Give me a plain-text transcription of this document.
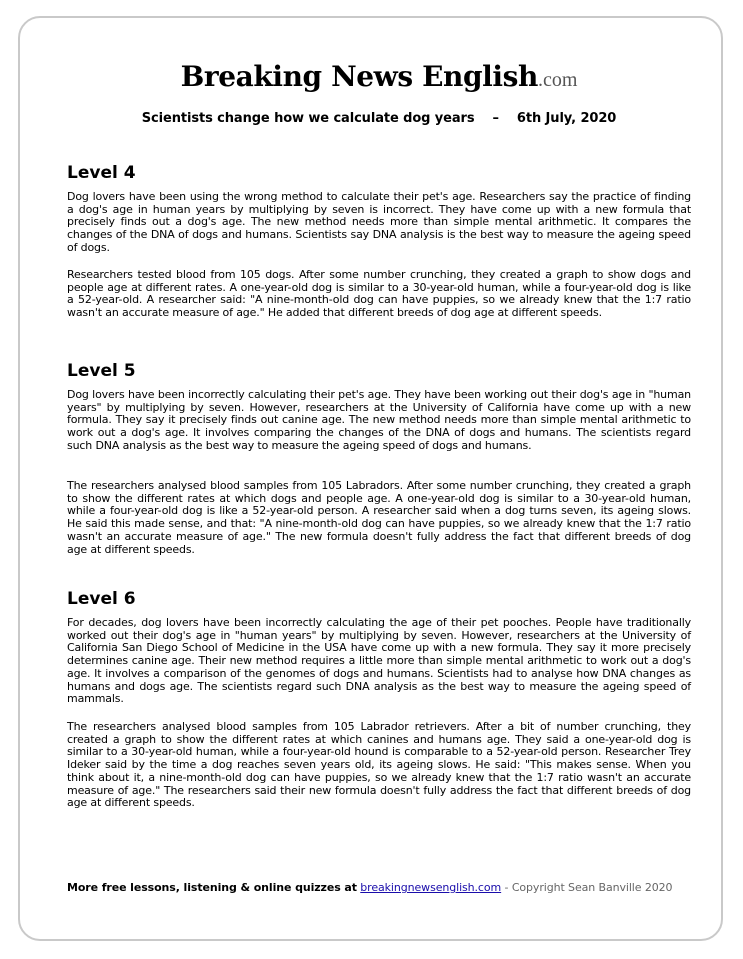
Breaking News English.com
Scientists change how we calculate dog years – 6th July, 2020
Level 4

Dog lovers have been using the wrong method to calculate their pet's age. Researchers say the practice of finding a dog's age in human years by multiplying by seven is incorrect. They have come up with a new formula that precisely finds out a dog's age. The new method needs more than simple mental arithmetic. It compares the changes of the DNA of dogs and humans. Scientists say DNA analysis is the best way to measure the ageing speed of dogs.

Researchers tested blood from 105 dogs. After some number crunching, they created a graph to show dogs and people age at different rates. A one-year-old dog is similar to a 30-year-old human, while a four-year-old dog is like a 52-year-old. A researcher said: "A nine-month-old dog can have puppies, so we already knew that the 1:7 ratio wasn't an accurate measure of age." He added that different breeds of dog age at different speeds.

Level 5

Dog lovers have been incorrectly calculating their pet's age. They have been working out their dog's age in "human years" by multiplying by seven. However, researchers at the University of California have come up with a new formula. They say it precisely finds out canine age. The new method needs more than simple mental arithmetic to work out a dog's age. It involves comparing the changes of the DNA of dogs and humans. The scientists regard such DNA analysis as the best way to measure the ageing speed of dogs and humans.

The researchers analysed blood samples from 105 Labradors. After some number crunching, they created a graph to show the different rates at which dogs and people age. A one-year-old dog is similar to a 30-year-old human, while a four-year-old dog is like a 52-year-old person. A researcher said when a dog turns seven, its ageing slows. He said this made sense, and that: "A nine-month-old dog can have puppies, so we already knew that the 1:7 ratio wasn't an accurate measure of age." The new formula doesn't fully address the fact that different breeds of dog age at different speeds.

Level 6

For decades, dog lovers have been incorrectly calculating the age of their pet pooches. People have traditionally worked out their dog's age in "human years" by multiplying by seven. However, researchers at the University of California San Diego School of Medicine in the USA have come up with a new formula. They say it more precisely determines canine age. Their new method requires a little more than simple mental arithmetic to work out a dog's age. It involves a comparison of the genomes of dogs and humans. Scientists had to analyse how DNA changes as humans and dogs age. The scientists regard such DNA analysis as the best way to measure the ageing speed of mammals.

The researchers analysed blood samples from 105 Labrador retrievers. After a bit of number crunching, they created a graph to show the different rates at which canines and humans age. They said a one-year-old dog is similar to a 30-year-old human, while a four-year-old hound is comparable to a 52-year-old person. Researcher Trey Ideker said by the time a dog reaches seven years old, its ageing slows. He said: "This makes sense. When you think about it, a nine-month-old dog can have puppies, so we already knew that the 1:7 ratio wasn't an accurate measure of age." The researchers said their new formula doesn't fully address the fact that different breeds of dog age at different speeds.

More free lessons, listening & online quizzes at breakingnewsenglish.com - Copyright Sean Banville 2020
